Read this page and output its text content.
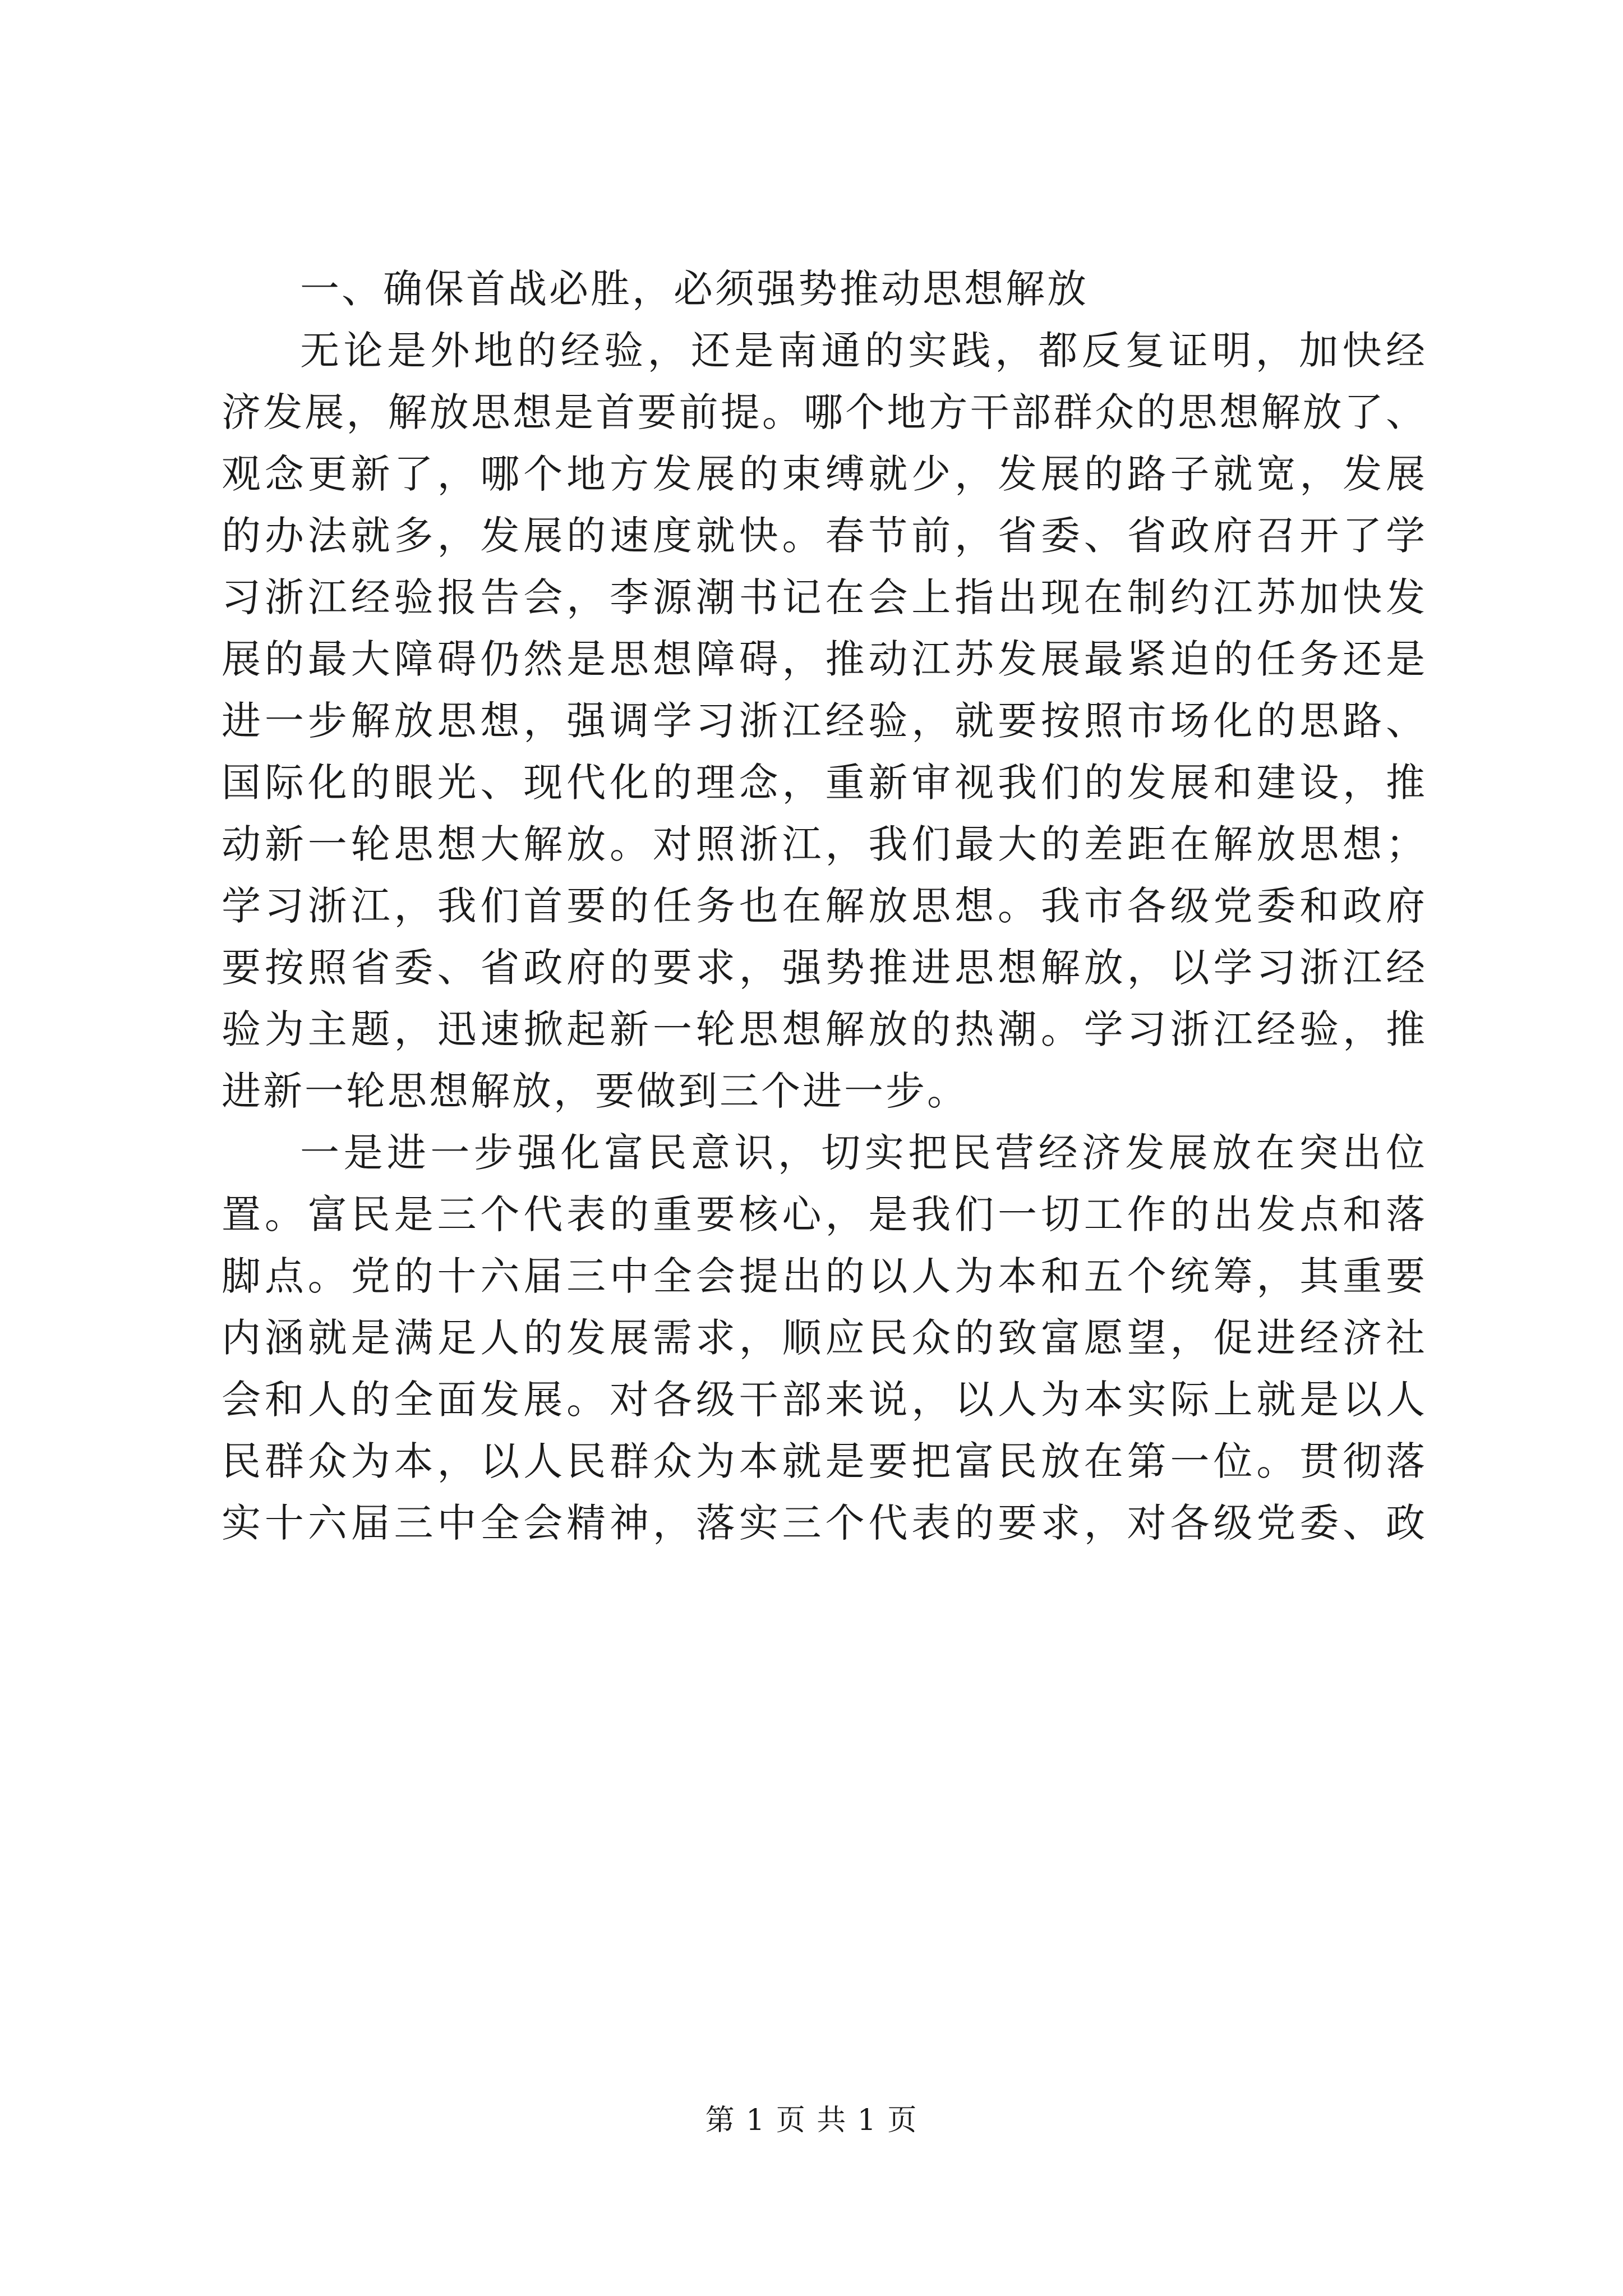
一、确保首战必胜，必须强势推动思想解放
无论是外地的经验，还是南通的实践，都反复证明，加快经
济发展，解放思想是首要前提。哪个地方干部群众的思想解放了、
观念更新了，哪个地方发展的束缚就少，发展的路子就宽，发展
的办法就多，发展的速度就快。春节前，省委、省政府召开了学
习浙江经验报告会，李源潮书记在会上指出现在制约江苏加快发
展的最大障碍仍然是思想障碍，推动江苏发展最紧迫的任务还是
进一步解放思想，强调学习浙江经验，就要按照市场化的思路、
国际化的眼光、现代化的理念，重新审视我们的发展和建设，推
动新一轮思想大解放。对照浙江，我们最大的差距在解放思想；
学习浙江，我们首要的任务也在解放思想。我市各级党委和政府
要按照省委、省政府的要求，强势推进思想解放，以学习浙江经
验为主题，迅速掀起新一轮思想解放的热潮。学习浙江经验，推
进新一轮思想解放，要做到三个进一步。
一是进一步强化富民意识，切实把民营经济发展放在突出位
置。富民是三个代表的重要核心，是我们一切工作的出发点和落
脚点。党的十六届三中全会提出的以人为本和五个统筹，其重要
内涵就是满足人的发展需求，顺应民众的致富愿望，促进经济社
会和人的全面发展。对各级干部来说，以人为本实际上就是以人
民群众为本，以人民群众为本就是要把富民放在第一位。贯彻落
实十六届三中全会精神，落实三个代表的要求，对各级党委、政
第 1 页 共 1 页
